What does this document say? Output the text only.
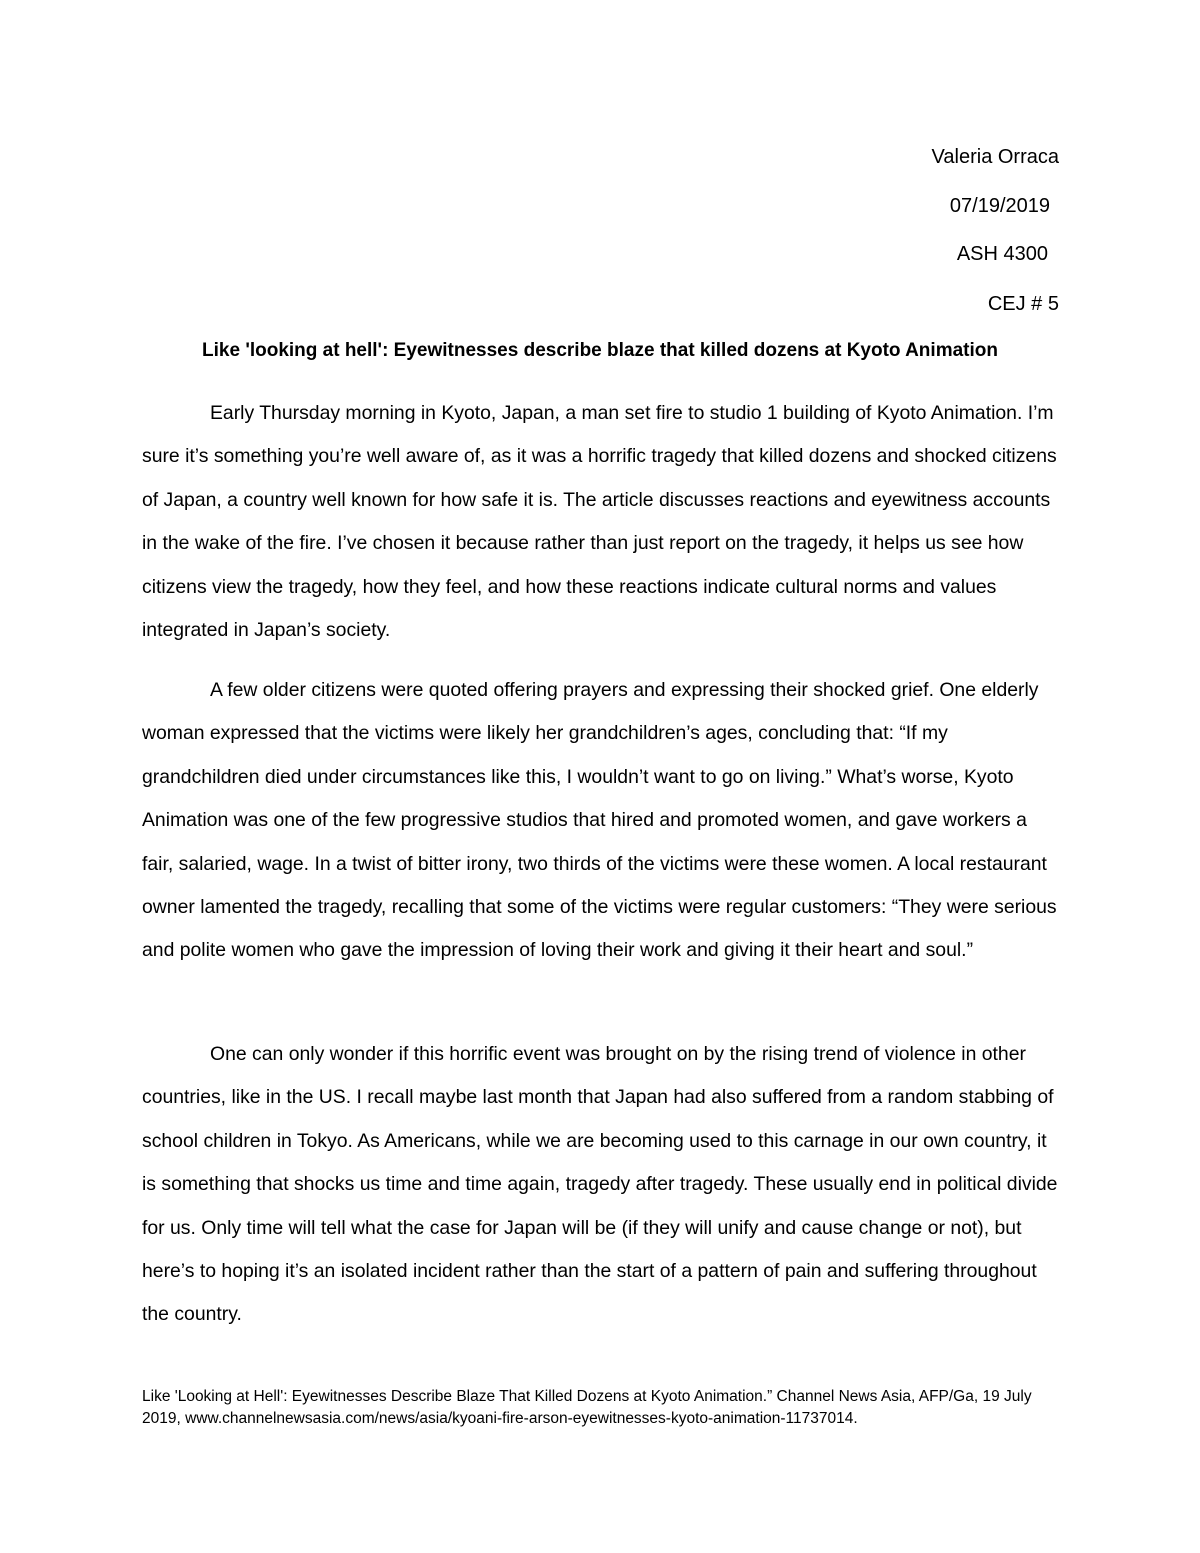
Valeria Orraca
07/19/2019
ASH 4300
CEJ # 5
Like 'looking at hell': Eyewitnesses describe blaze that killed dozens at Kyoto Animation

Early Thursday morning in Kyoto, Japan, a man set fire to studio 1 building of Kyoto Animation. I’m sure it’s something you’re well aware of, as it was a horrific tragedy that killed dozens and shocked citizens of Japan, a country well known for how safe it is. The article discusses reactions and eyewitness accounts in the wake of the fire. I’ve chosen it because rather than just report on the tragedy, it helps us see how citizens view the tragedy, how they feel, and how these reactions indicate cultural norms and values integrated in Japan’s society.

A few older citizens were quoted offering prayers and expressing their shocked grief. One elderly woman expressed that the victims were likely her grandchildren’s ages, concluding that: “If my grandchildren died under circumstances like this, I wouldn’t want to go on living.” What’s worse, Kyoto Animation was one of the few progressive studios that hired and promoted women, and gave workers a fair, salaried, wage. In a twist of bitter irony, two thirds of the victims were these women. A local restaurant owner lamented the tragedy, recalling that some of the victims were regular customers: “They were serious and polite women who gave the impression of loving their work and giving it their heart and soul.”

One can only wonder if this horrific event was brought on by the rising trend of violence in other countries, like in the US. I recall maybe last month that Japan had also suffered from a random stabbing of school children in Tokyo. As Americans, while we are becoming used to this carnage in our own country, it is something that shocks us time and time again, tragedy after tragedy. These usually end in political divide for us. Only time will tell what the case for Japan will be (if they will unify and cause change or not), but here’s to hoping it’s an isolated incident rather than the start of a pattern of pain and suffering throughout the country.

Like 'Looking at Hell': Eyewitnesses Describe Blaze That Killed Dozens at Kyoto Animation.” Channel News Asia, AFP/Ga, 19 July 2019, www.channelnewsasia.com/news/asia/kyoani-fire-arson-eyewitnesses-kyoto-animation-11737014.
